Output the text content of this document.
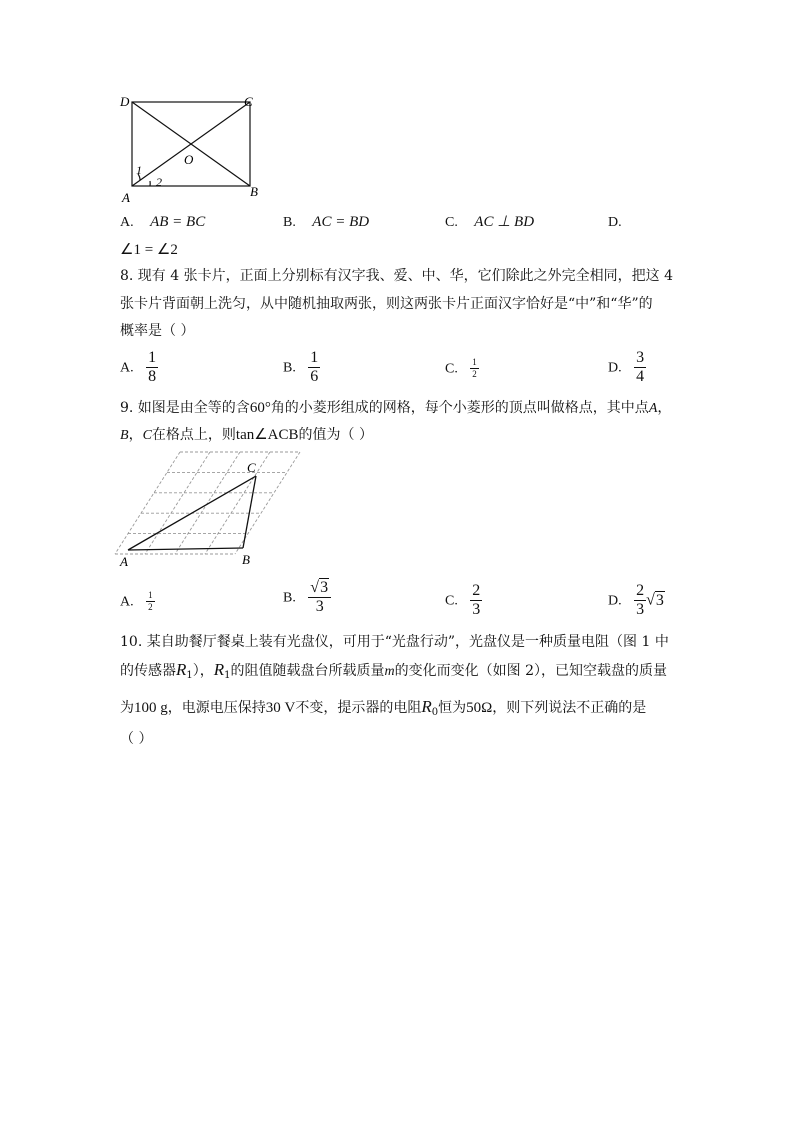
D	C
O
A	B
1
2
A. AB = BC	B. AC = BD	C. AC ⊥ BD	D.
∠1 = ∠2
8. 现有 4 张卡片，正面上分别标有汉字我、爱、中、华，它们除此之外完全相同，把这 4
张卡片背面朝上洗匀，从中随机抽取两张，则这两张卡片正面汉字恰好是“中”和“华”的
概率是（ ）
A. $\frac{1}{8}$	B. $\frac{1}{6}$	C. $\frac{1}{2}$	D. $\frac{3}{4}$
9. 如图是由全等的含60°角的小菱形组成的网格，每个小菱形的顶点叫做格点，其中点A，
B，C在格点上，则tan∠ACB的值为（ ）
A	B
C
A. $\frac{1}{2}$	B. $\frac{√3}{3}$	C. $\frac{2}{3}$	D. $\frac{2}{3} √3$
10. 某自助餐厅餐桌上装有光盘仪，可用于“光盘行动”，光盘仪是一种质量电阻（图 1 中
的传感器$R_1$），$R_1$的阻值随载盘台所载质量m的变化而变化（如图 2），已知空载盘的质量
为100 g，电源电压保持30 V不变，提示器的电阻$R_0$恒为50Ω，则下列说法不正确的是
（ ）
